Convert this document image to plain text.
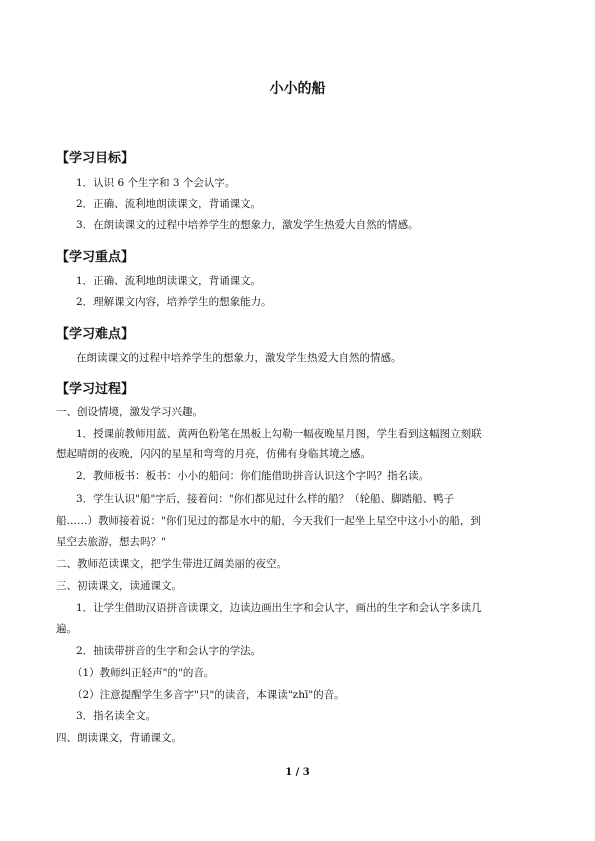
小小的船
【学习目标】
1．认识 6 个生字和 3 个会认字。
2．正确、流利地朗读课文，背诵课文。
3．在朗读课文的过程中培养学生的想象力，激发学生热爱大自然的情感。
【学习重点】
1．正确、流利地朗读课文，背诵课文。
2．理解课文内容，培养学生的想象能力。
【学习难点】
在朗读课文的过程中培养学生的想象力，激发学生热爱大自然的情感。
【学习过程】
一、创设情境，激发学习兴趣。
1．授课前教师用蓝、黄两色粉笔在黑板上勾勒一幅夜晚星月图，学生看到这幅图立刻联
想起晴朗的夜晚，闪闪的星星和弯弯的月亮，仿佛有身临其境之感。
2．教师板书：板书：小小的船问：你们能借助拼音认识这个字吗？指名读。
3．学生认识"船"字后，接着问："你们都见过什么样的船？（轮船、脚踏船、鸭子
船……）教师接着说："你们见过的都是水中的船，今天我们一起坐上星空中这小小的船，到
星空去旅游，想去吗？"
二、教师范读课文，把学生带进辽阔美丽的夜空。
三、初读课文，读通课文。
1．让学生借助汉语拼音读课文，边读边画出生字和会认字，画出的生字和会认字多读几
遍。
2．抽读带拼音的生字和会认字的学法。
（1）教师纠正轻声"的"的音。
（2）注意提醒学生多音字"只"的读音，本课读"zhī"的音。
3．指名读全文。
四、朗读课文，背诵课文。
1 / 3
